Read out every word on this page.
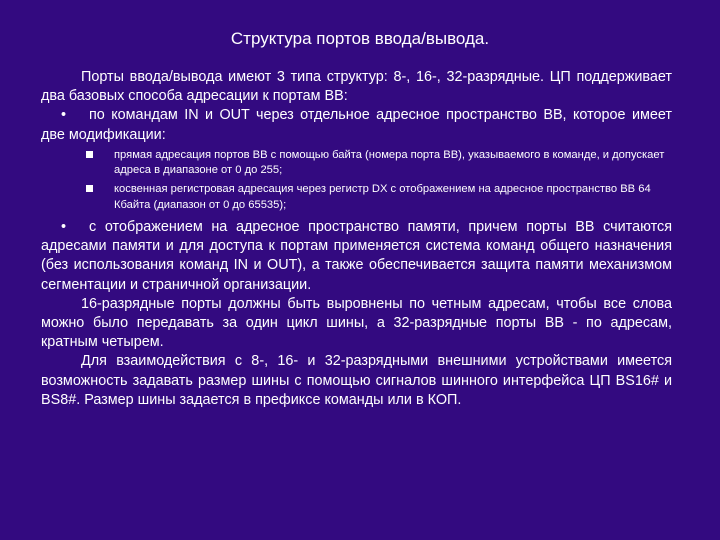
Структура портов ввода/вывода.

Порты ввода/вывода имеют 3 типа структур: 8-, 16-, 32-разрядные. ЦП поддерживает два базовых способа адресации к портам ВВ:

• по командам IN и OUT через отдельное адресное пространство ВВ, которое имеет две модификации:

прямая адресация портов ВВ с помощью байта (номера порта ВВ), указываемого в команде, и допускает адреса в диапазоне от 0 до 255;
косвенная регистровая адресация через регистр DX с отображением на адресное пространство ВВ 64 Кбайта (диапазон от 0 до 65535);

• с отображением на адресное пространство памяти, причем порты ВВ считаются адресами памяти и для доступа к портам применяется система команд общего назначения (без использования команд IN и OUT), а также обеспечивается защита памяти механизмом сегментации и страничной организации.

16-разрядные порты должны быть выровнены по четным адресам, чтобы все слова можно было передавать за один цикл шины, а 32-разрядные порты ВВ - по адресам, кратным четырем.

Для взаимодействия с 8-, 16- и 32-разрядными внешними устройствами имеется возможность задавать размер шины с помощью сигналов шинного интерфейса ЦП BS16# и BS8#. Размер шины задается в префиксе команды или в КОП.
